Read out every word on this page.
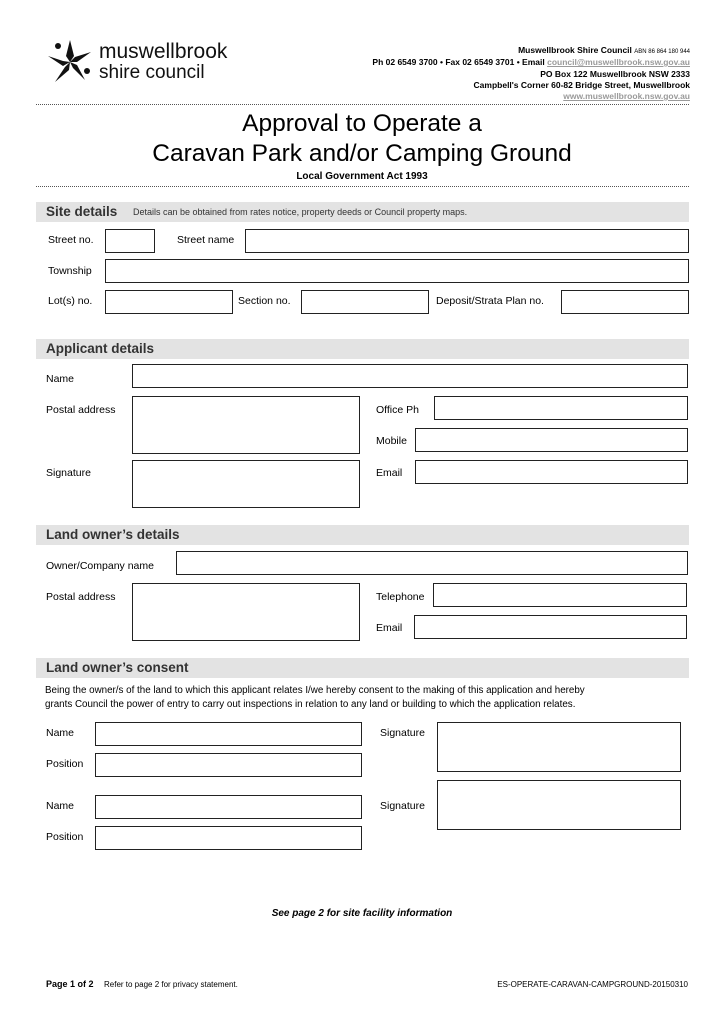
muswellbrook
shire council
Muswellbrook Shire Council ABN 86 864 180 944
Ph 02 6549 3700 • Fax 02 6549 3701 • Email council@muswellbrook.nsw.gov.au
PO Box 122 Muswellbrook NSW 2333
Campbell's Corner 60-82 Bridge Street, Muswellbrook
www.muswellbrook.nsw.gov.au
Approval to Operate a
Caravan Park and/or Camping Ground
Local Government Act 1993
Site details Details can be obtained from rates notice, property deeds or Council property maps.
Street no.	Street name
Township
Lot(s) no.	Section no.	Deposit/Strata Plan no.
Applicant details
Name
Postal address	Office Ph
Mobile
Signature	Email
Land owner’s details
Owner/Company name
Postal address	Telephone
Email
Land owner’s consent
Being the owner/s of the land to which this applicant relates I/we hereby consent to the making of this application and hereby
grants Council the power of entry to carry out inspections in relation to any land or building to which the application relates.
Name
Position
Signature
Name
Position
Signature
See page 2 for site facility information
Page 1 of 2 Refer to page 2 for privacy statement.	ES-OPERATE-CARAVAN-CAMPGROUND-20150310
